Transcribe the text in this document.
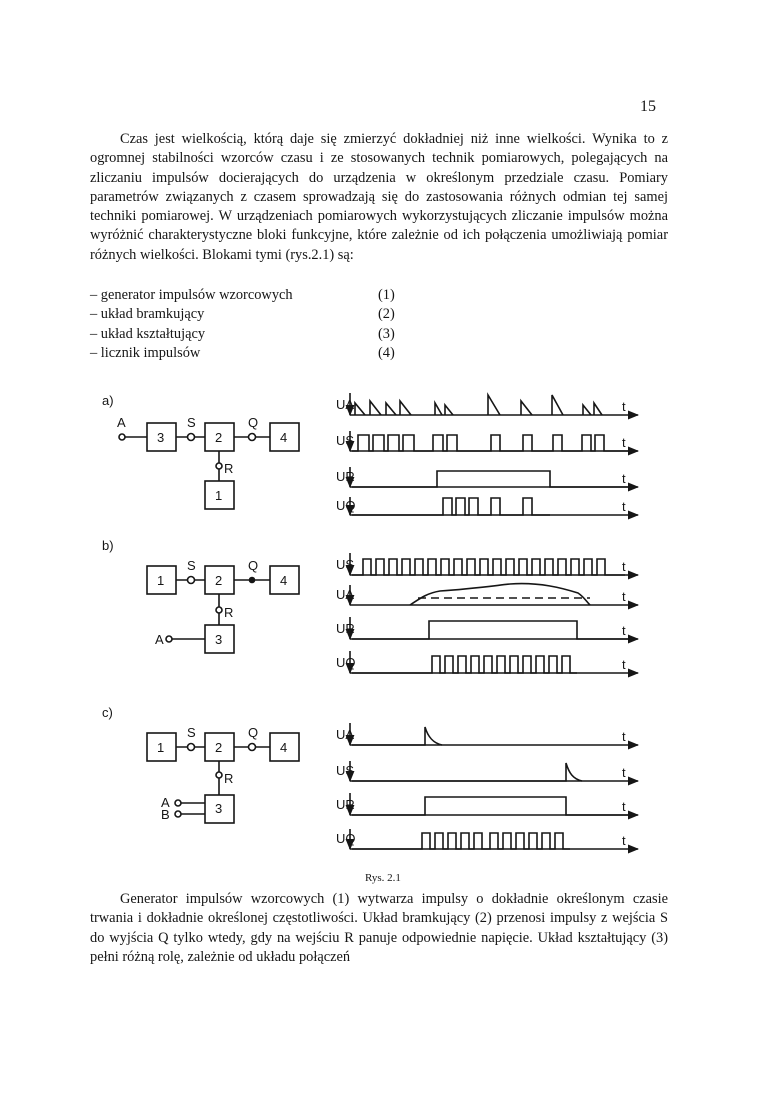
15

Czas jest wielkością, którą daje się zmierzyć dokładniej niż inne wielkości. Wynika to z ogromnej stabilności wzorców czasu i ze stosowanych technik pomiarowych, polegających na zliczaniu impulsów docierających do urządzenia w określonym przedziale czasu. Pomiary parametrów związanych z czasem sprowadzają się do zastosowania różnych odmian tej samej techniki pomiarowej. W urządzeniach pomiarowych wykorzystujących zliczanie impulsów można wyróżnić charakterystyczne bloki funkcyjne, które zależnie od ich połączenia umożliwiają pomiar różnych wielkości. Blokami tymi (rys.2.1) są:

– generator impulsów wzorcowych	(1)
– układ bramkujący	(2)
– układ kształtujący	(3)
– licznik impulsów	(4)
a)
A
3	2	4
1
S	Q
R
UA
US
UR
UQ
t
t
t
t
b)
1	2	4
3
S	Q
R
A
US
UA
UR
UQ
t
t
t
t
c)
1	2	4
3
S	Q
R
A
B
UA
US
UR
UQ
t
t
t
t
Rys. 2.1

Generator impulsów wzorcowych (1) wytwarza impulsy o dokładnie określonym czasie trwania i dokładnie określonej częstotliwości. Układ bramkujący (2) przenosi impulsy z wejścia S do wyjścia Q tylko wtedy, gdy na wejściu R panuje odpowiednie napięcie. Układ kształtujący (3) pełni różną rolę, zależnie od układu połączeń
